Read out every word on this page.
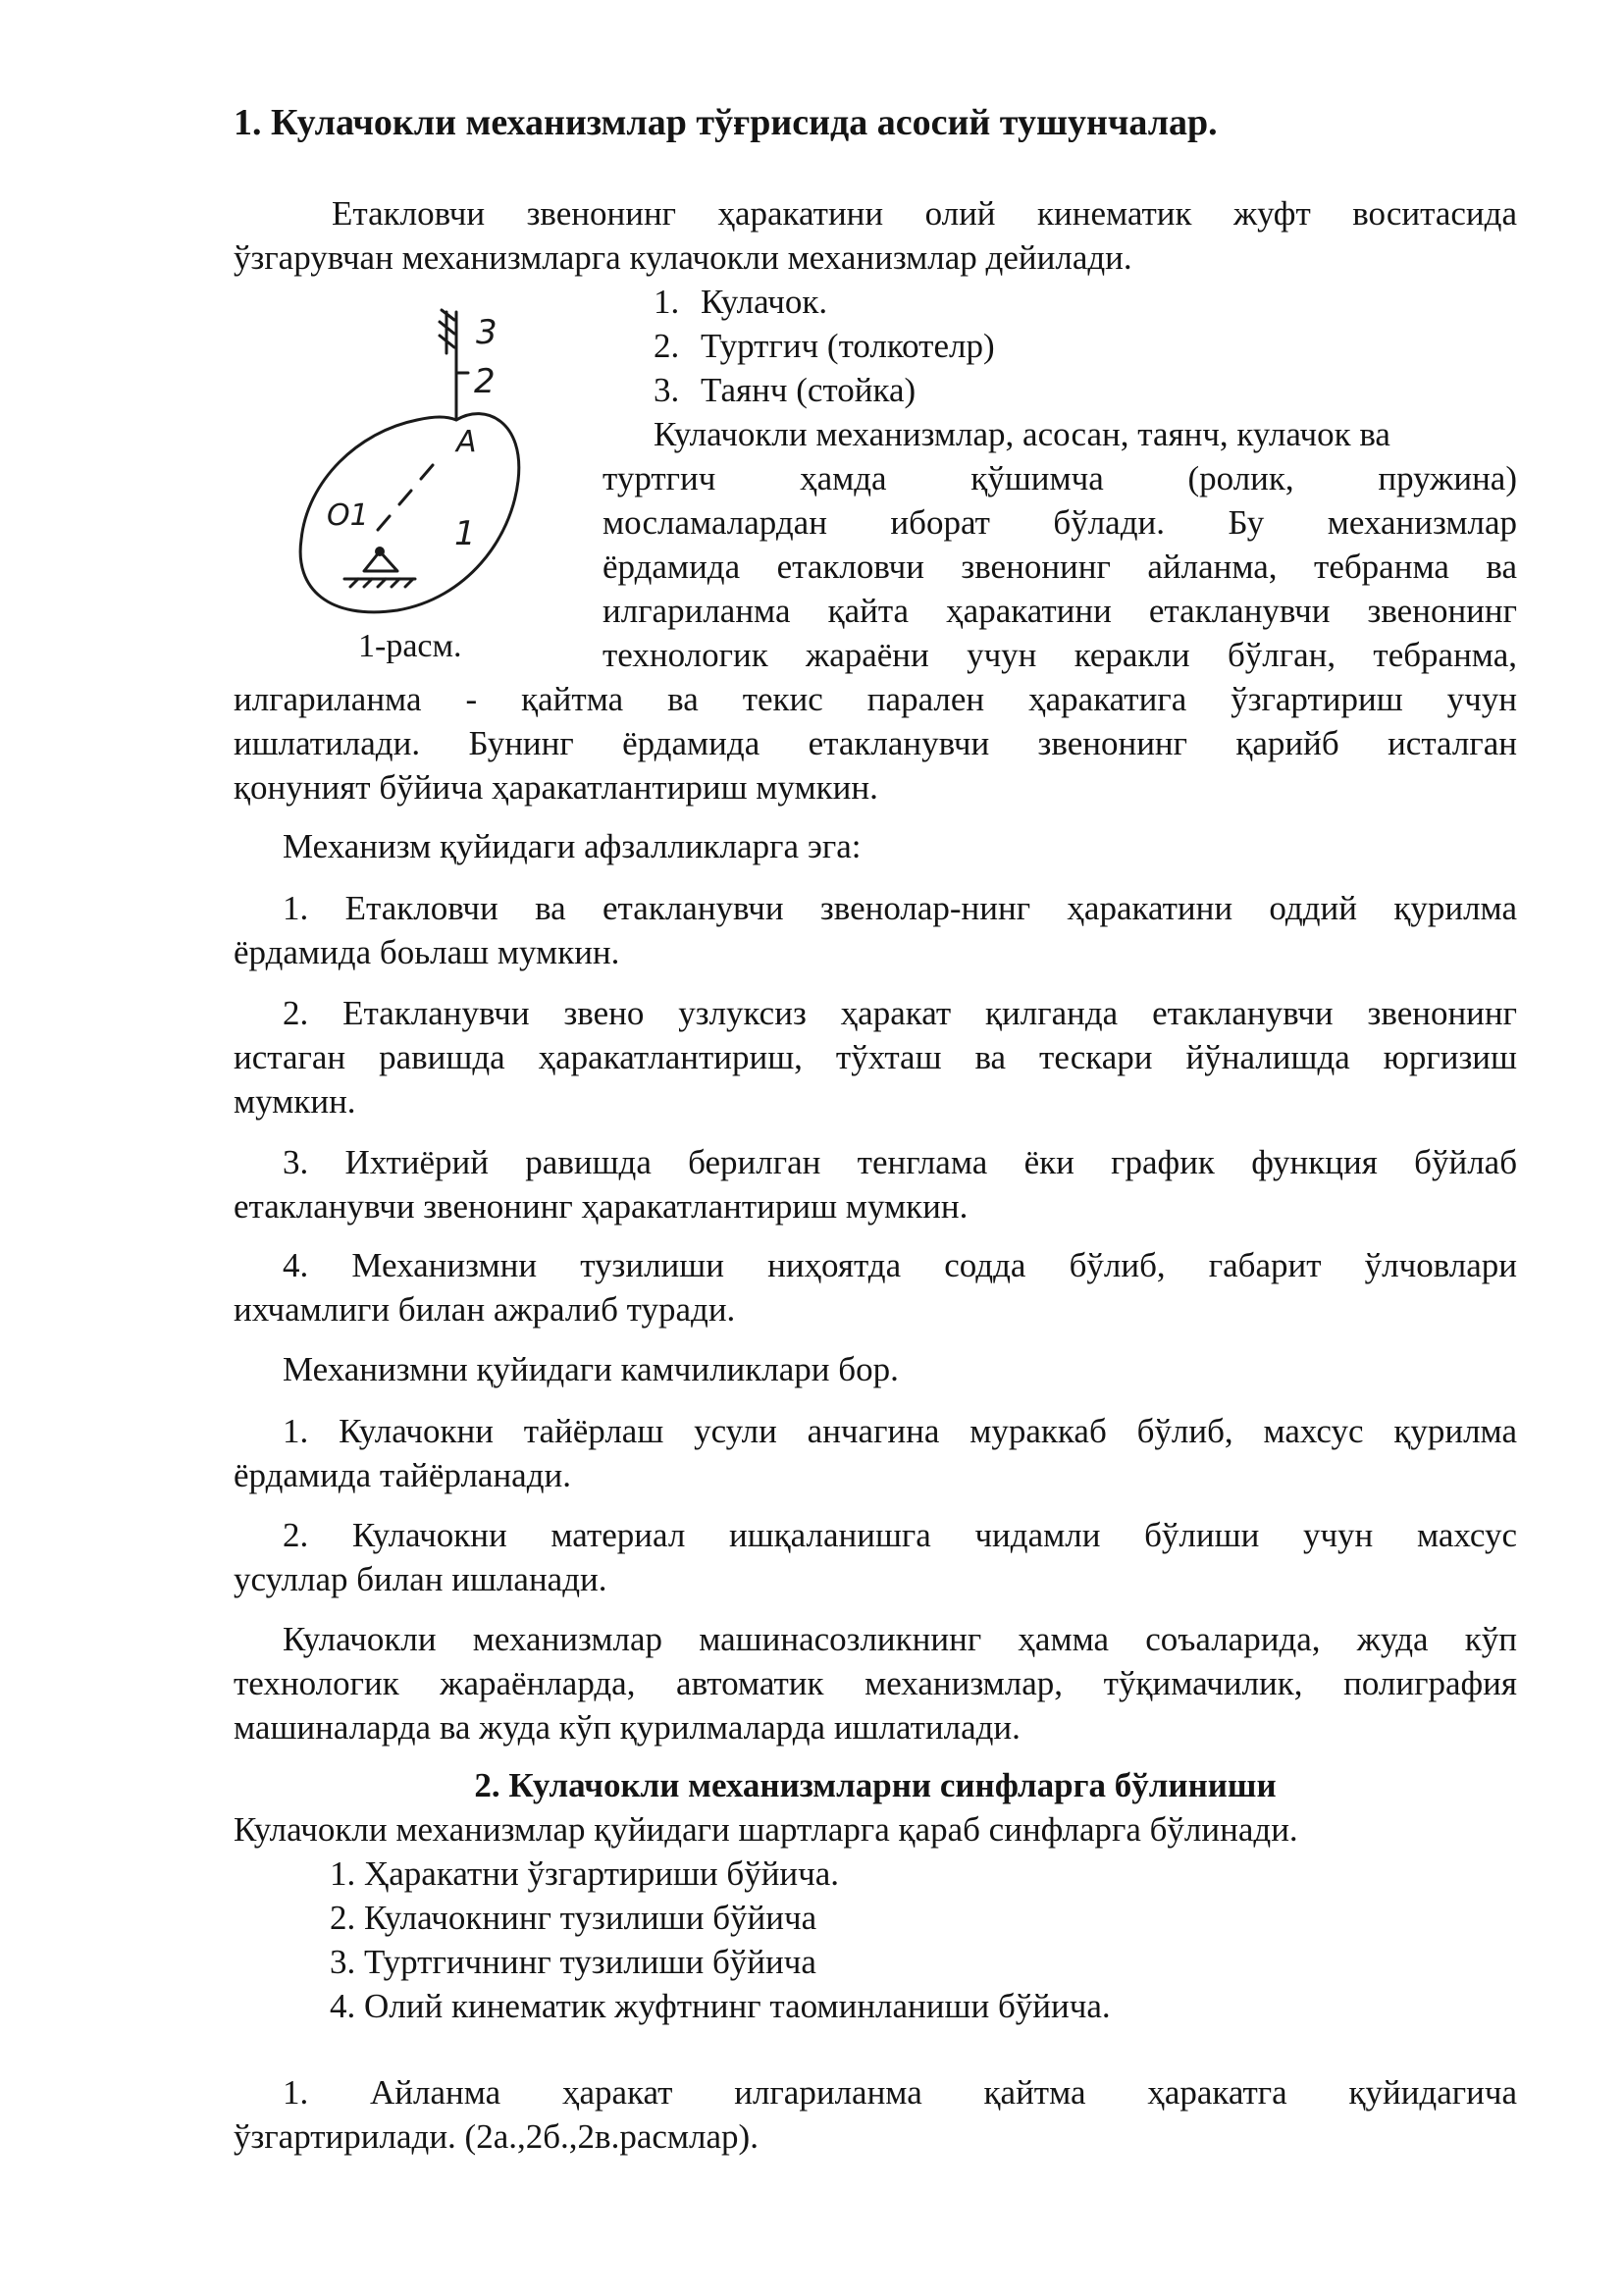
1. Кулачокли механизмлар тўғрисида асосий тушунчалар.
Етакловчи звенонинг ҳаракатини олий кинематик жуфт воситасида
ўзгарувчан механизмларга кулачокли механизмлар дейилади.
1. Кулачок.
2. Туртгич (толкотелр)
3. Таянч (стойка)
3
2
A
O1	1
1-расм.
Кулачокли механизмлар, асосан, таянч, кулачок ва
туртгич ҳамда қўшимча (ролик, пружина)
мосламалардан иборат бўлади. Бу механизмлар
ёрдамида етакловчи звенонинг айланма, тебранма ва
илгариланма қайта ҳаракатини етакланувчи звенонинг
технологик жараёни учун керакли бўлган, тебранма,
илгариланма - қайтма ва текис парален ҳаракатига ўзгартириш учун
ишлатилади. Бунинг ёрдамида етакланувчи звенонинг қарийб исталган
қонуният бўйича ҳаракатлантириш мумкин.
Механизм қуйидаги афзалликларга эга:
1. Етакловчи ва етакланувчи звенолар-нинг ҳаракатини оддий қурилма
ёрдамида боьлаш мумкин.
2. Етакланувчи звено узлуксиз ҳаракат қилганда етакланувчи звенонинг
истаган равишда ҳаракатлантириш, тўхташ ва тескари йўналишда юргизиш
мумкин.
3. Ихтиёрий равишда берилган тенглама ёки график функция бўйлаб
етакланувчи звенонинг ҳаракатлантириш мумкин.
4. Механизмни тузилиши ниҳоятда содда бўлиб, габарит ўлчовлари
ихчамлиги билан ажралиб туради.
Механизмни қуйидаги камчиликлари бор.
1. Кулачокни тайёрлаш усули анчагина мураккаб бўлиб, махсус қурилма
ёрдамида тайёрланади.
2. Кулачокни материал ишқаланишга чидамли бўлиши учун махсус
усуллар билан ишланади.
Кулачокли механизмлар машинасозликнинг ҳамма соъаларида, жуда кўп
технологик жараёнларда, автоматик механизмлар, тўқимачилик, полиграфия
машиналарда ва жуда кўп қурилмаларда ишлатилади.
2. Кулачокли механизмларни синфларга бўлиниши
Кулачокли механизмлар қуйидаги шартларга қараб синфларга бўлинади.
1. Ҳаракатни ўзгартириши бўйича.
2. Кулачокнинг тузилиши бўйича
3. Туртгичнинг тузилиши бўйича
4. Олий кинематик жуфтнинг таоминланиши бўйича.
1. Айланма ҳаракат илгариланма қайтма ҳаракатга қуйидагича
ўзгартирилади. (2а.,2б.,2в.расмлар).
